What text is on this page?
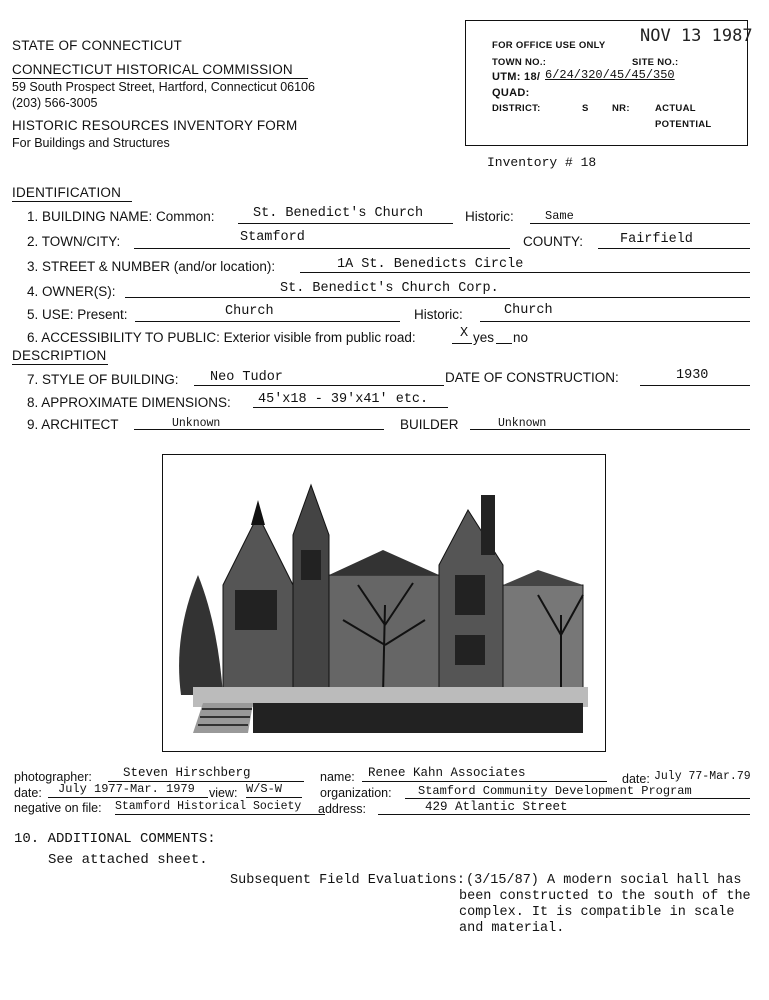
STATE OF CONNECTICUT
CONNECTICUT HISTORICAL COMMISSION
59 South Prospect Street, Hartford, Connecticut 06106
(203) 566-3005
HISTORIC RESOURCES INVENTORY FORM
For Buildings and Structures
FOR OFFICE USE ONLY NOV 13 1987
TOWN NO.:	SITE NO.:
UTM: 18/ 6/24/320/45/45/350
QUAD:
DISTRICT:	S NR:	ACTUAL
POTENTIAL
Inventory # 18
IDENTIFICATION
1. BUILDING NAME: Common:	St. Benedict's Church	Historic:	Same
2. TOWN/CITY:	Stamford	COUNTY:	Fairfield
3. STREET & NUMBER (and/or location):	1A St. Benedicts Circle
4. OWNER(S):	St. Benedict's Church Corp.
5. USE: Present:	Church	Historic:	Church
6. ACCESSIBILITY TO PUBLIC: Exterior visible from public road:	X yes no
DESCRIPTION
7. STYLE OF BUILDING: Neo Tudor	DATE OF CONSTRUCTION:	1930
8. APPROXIMATE DIMENSIONS: 45'x18 - 39'x41' etc.
9. ARCHITECT	Unknown	BUILDER	Unknown
photographer: Steven Hirschberg	name: Renee Kahn Associates	date: July 77-Mar.79
date: July 1977-Mar. 1979 view: W/S-W	organization: Stamford Community Development Program
negative on file: Stamford Historical Society address:	429 Atlantic Street
10. ADDITIONAL COMMENTS:
See attached sheet.
Subsequent Field Evaluations: (3/15/87) A modern social hall has
been constructed to the south of the
complex. It is compatible in scale
and material.
